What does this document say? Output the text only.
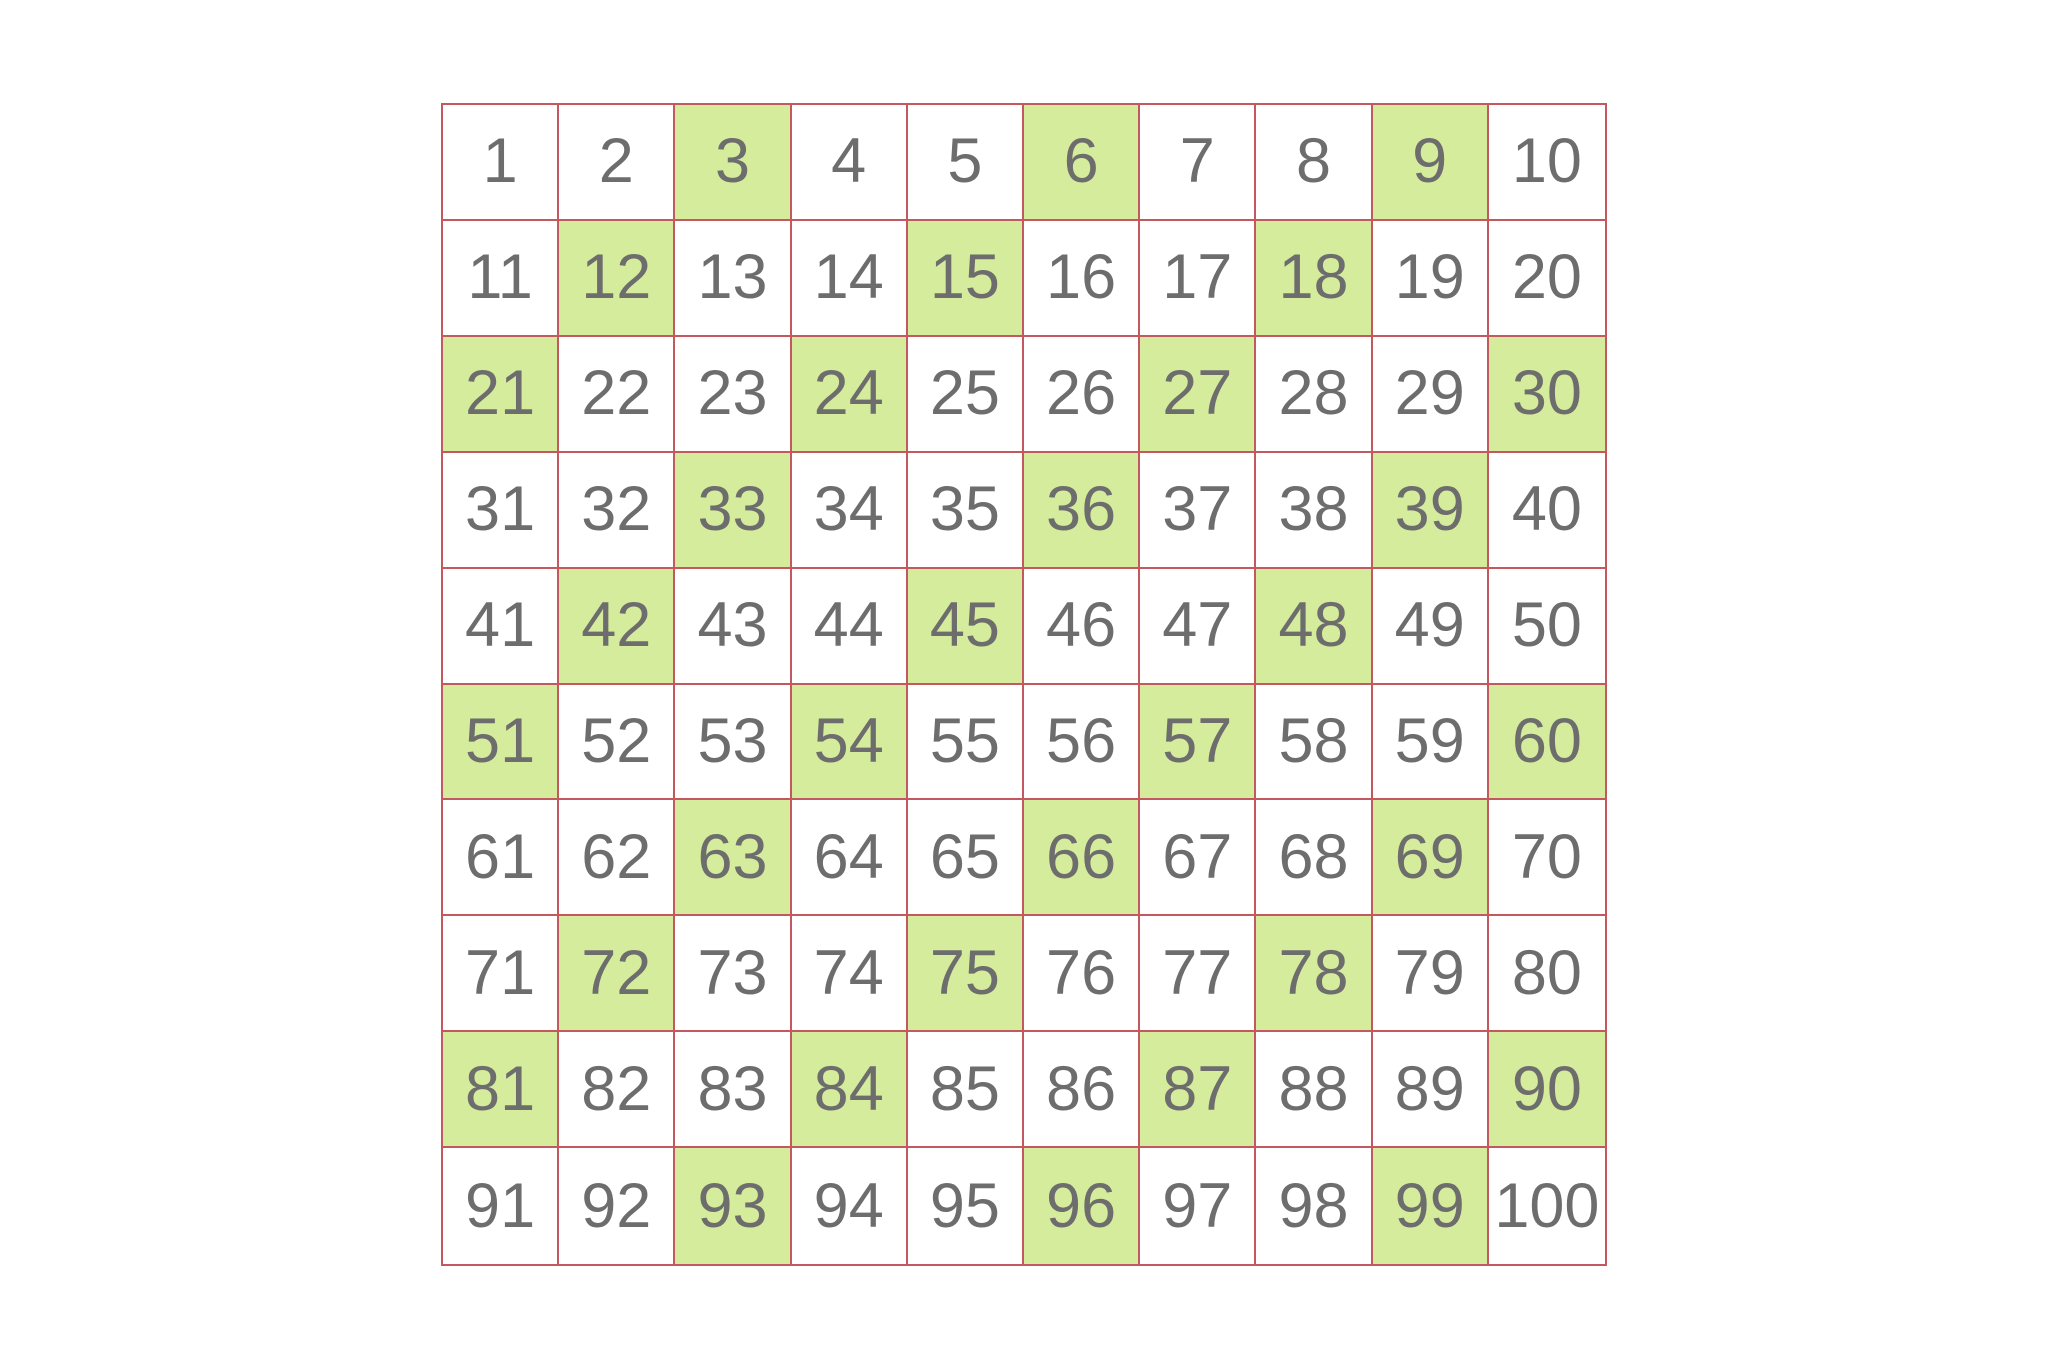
1	2	3	4	5	6	7	8	9	10
11 12 13 14 15 16 17 18 19 20
21 22 23 24 25 26 27 28 29 30
31 32 33 34 35 36 37 38 39 40
41 42 43 44 45 46 47 48 49 50
51 52 53 54 55 56 57 58 59 60
61 62 63 64 65 66 67 68 69 70
71 72 73 74 75 76 77 78 79 80
81 82 83 84 85 86 87 88 89 90
91 92 93 94 95 96 97 98 99 100
